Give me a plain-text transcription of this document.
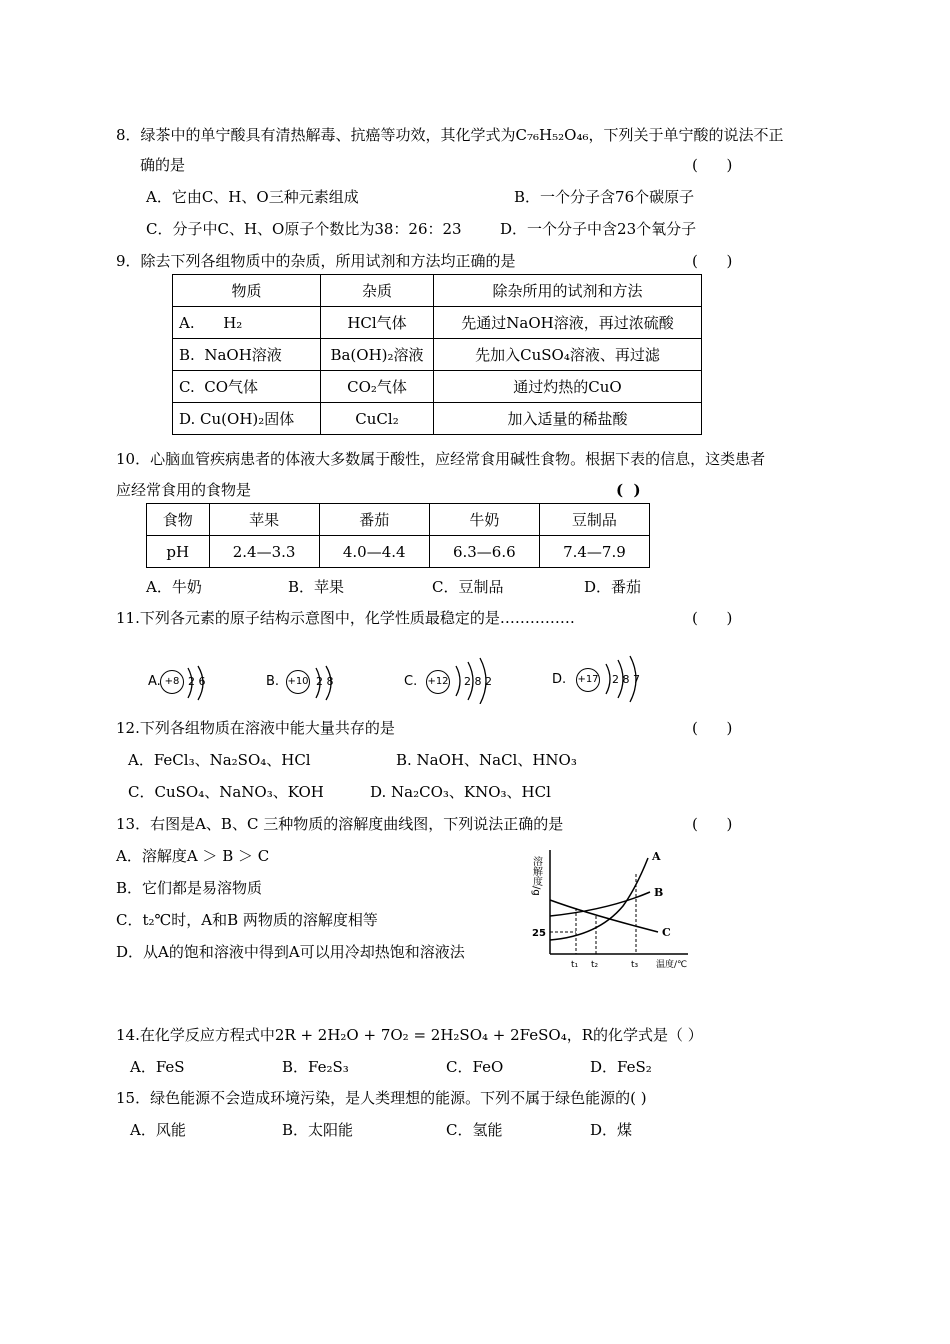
8．绿茶中的单宁酸具有清热解毒、抗癌等功效，其化学式为C₇₆H₅₂O₄₆，下列关于单宁酸的说法不正
确的是	(      )
A．它由C、H、O三种元素组成	B．一个分子含76个碳原子
C．分子中C、H、O原子个数比为38：26：23	D．一个分子中含23个氧分子
9．除去下列各组物质中的杂质，所用试剂和方法均正确的是	(      )
物质	杂质	除杂所用的试剂和方法
A.      H₂	HCl气体	先通过NaOH溶液，再过浓硫酸
B.  NaOH溶液	Ba(OH)₂溶液	先加入CuSO₄溶液、再过滤
C.  CO气体	CO₂气体	通过灼热的CuO
D. Cu(OH)₂固体	CuCl₂	加入适量的稀盐酸
10．心脑血管疾病患者的体液大多数属于酸性，应经常食用碱性食物。根据下表的信息，这类患者
应经常食用的食物是	(  )
食物	苹果	番茄	牛奶	豆制品
pH	2.4—3.3	4.0—4.4	6.3—6.6	7.4—7.9
A．牛奶	B．苹果	C．豆制品	D．番茄
11.下列各元素的原子结构示意图中，化学性质最稳定的是……………	(      )
A. +8 2 6	B. +10 2 8	C. +12 2 8 2	D. +17 2 8 7
12.下列各组物质在溶液中能大量共存的是	(      )
A．FeCl₃、Na₂SO₄、HCl	B. NaOH、NaCl、HNO₃
C．CuSO₄、NaNO₃、KOH	D. Na₂CO₃、KNO₃、HCl
13．右图是A、B、C 三种物质的溶解度曲线图，下列说法正确的是	(      )
A．溶解度A ＞ B ＞ C
B．它们都是易溶物质
C．t₂℃时，A和B 两物质的溶解度相等
D．从A的饱和溶液中得到A可以用冷却热饱和溶液法
溶解度/g
25
t₁ t₂	t₃ 温度/℃
A
B
C
14.在化学反应方程式中2R + 2H₂O + 7O₂ = 2H₂SO₄ + 2FeSO₄，R的化学式是（ ）
A．FeS	B．Fe₂S₃	C．FeO	D．FeS₂
15．绿色能源不会造成环境污染，是人类理想的能源。下列不属于绿色能源的( )
A．风能	B．太阳能	C．氢能	D．煤
